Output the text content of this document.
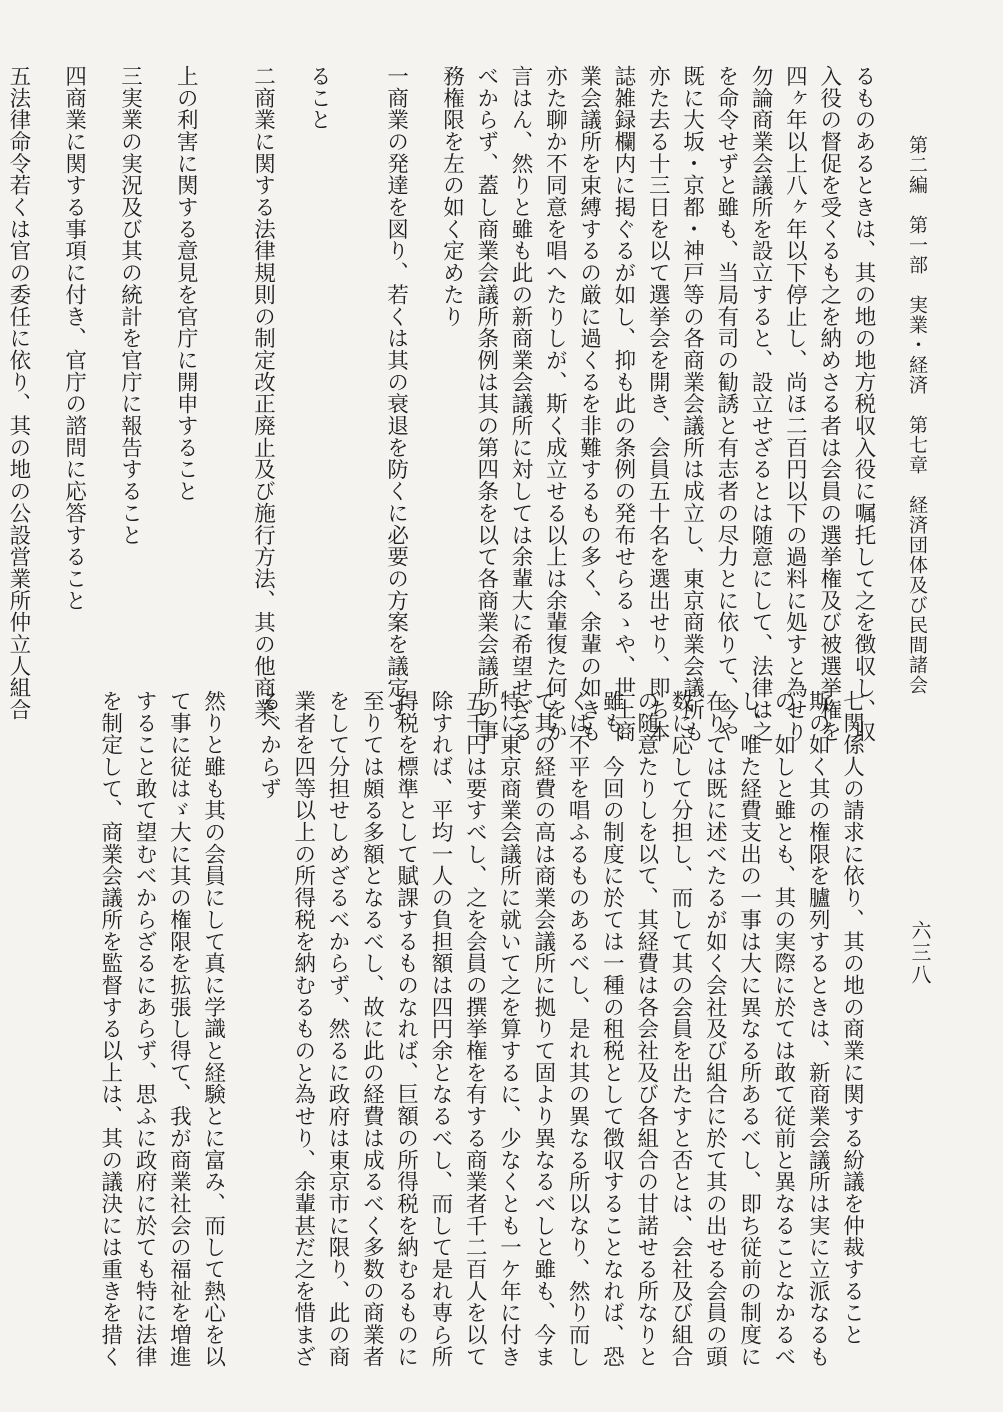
第二編　第一部　実業・経済　第七章　経済団体及び民間諸会
六三八
るものあるときは、其の地の地方税収入役に嘱托して之を徴収し、収
入役の督促を受くるも之を納めさる者は会員の選挙権及び被選挙権を
四ヶ年以上八ヶ年以下停止し、尚ほ二百円以下の過料に処すと為せり
勿論商業会議所を設立すると、設立せざるとは随意にして、法律は之
を命令せずと雖も、当局有司の勧誘と有志者の尽力とに依りて、今や
既に大坂・京都・神戸等の各商業会議所は成立し、東京商業会議所も
亦た去る十三日を以て選挙会を開き、会員五十名を選出せり、即ち本
誌雑録欄内に掲ぐるが如し、抑も此の条例の発布せらるゝや、世上商
業会議所を束縛するの厳に過くるを非難するもの多く、余輩の如きも
亦た聊か不同意を唱へたりしが、斯く成立せる以上は余輩復た何をか
言はん、然りと雖も此の新商業会議所に対しては余輩大に希望せざる
べからず、蓋し商業会議所条例は其の第四条を以て各商業会議所の事
務権限を左の如く定めたり
一商業の発達を図り、若くは其の衰退を防くに必要の方案を議定す
ること
二商業に関する法律規則の制定改正廃止及び施行方法、其の他商業
上の利害に関する意見を官庁に開申すること
三実業の実況及び其の統計を官庁に報告すること
四商業に関する事項に付き、官庁の諮問に応答すること
五法律命令若くは官の委任に依り、其の地の公設営業所仲立人組合
七関係人の請求に依り、其の地の商業に関する紛議を仲裁すること
斯の如く其の権限を臚列するときは、新商業会議所は実に立派なるも
の、如しと雖とも、其の実際に於ては敢て従前と異なることなかるべ
し、唯た経費支出の一事は大に異なる所あるべし、即ち従前の制度に
在りては既に述べたるが如く会社及び組合に於て其の出せる会員の頭
数に応して分担し、而して其の会員を出たすと否とは、会社及び組合
の随意たりしを以て、其経費は各会社及び各組合の甘諾せる所なりと
雖も、今回の制度に於ては一種の租税として徴収することなれば、恐
くは不平を唱ふるものあるべし、是れ其の異なる所以なり、然り而し
て其の経費の高は商業会議所に拠りて固より異なるべしと雖も、今ま
特に東京商業会議所に就いて之を算するに、少なくとも一ケ年に付き
五千円は要すべし、之を会員の撰挙権を有する商業者千二百人を以て
除すれば、平均一人の負担額は四円余となるべし、而して是れ専ら所
得税を標準として賦課するものなれば、巨額の所得税を納むるものに
至りては頗る多額となるべし、故に此の経費は成るべく多数の商業者
をして分担せしめざるべからず、然るに政府は東京市に限り、此の商
業者を四等以上の所得税を納むるものと為せり、余輩甚だ之を惜まざ
るべからず
然りと雖も其の会員にして真に学識と経験とに富み、而して熱心を以
て事に従はゞ大に其の権限を拡張し得て、我が商業社会の福祉を増進
すること敢て望むべからざるにあらず、思ふに政府に於ても特に法律
を制定して、商業会議所を監督する以上は、其の議決には重きを措く
